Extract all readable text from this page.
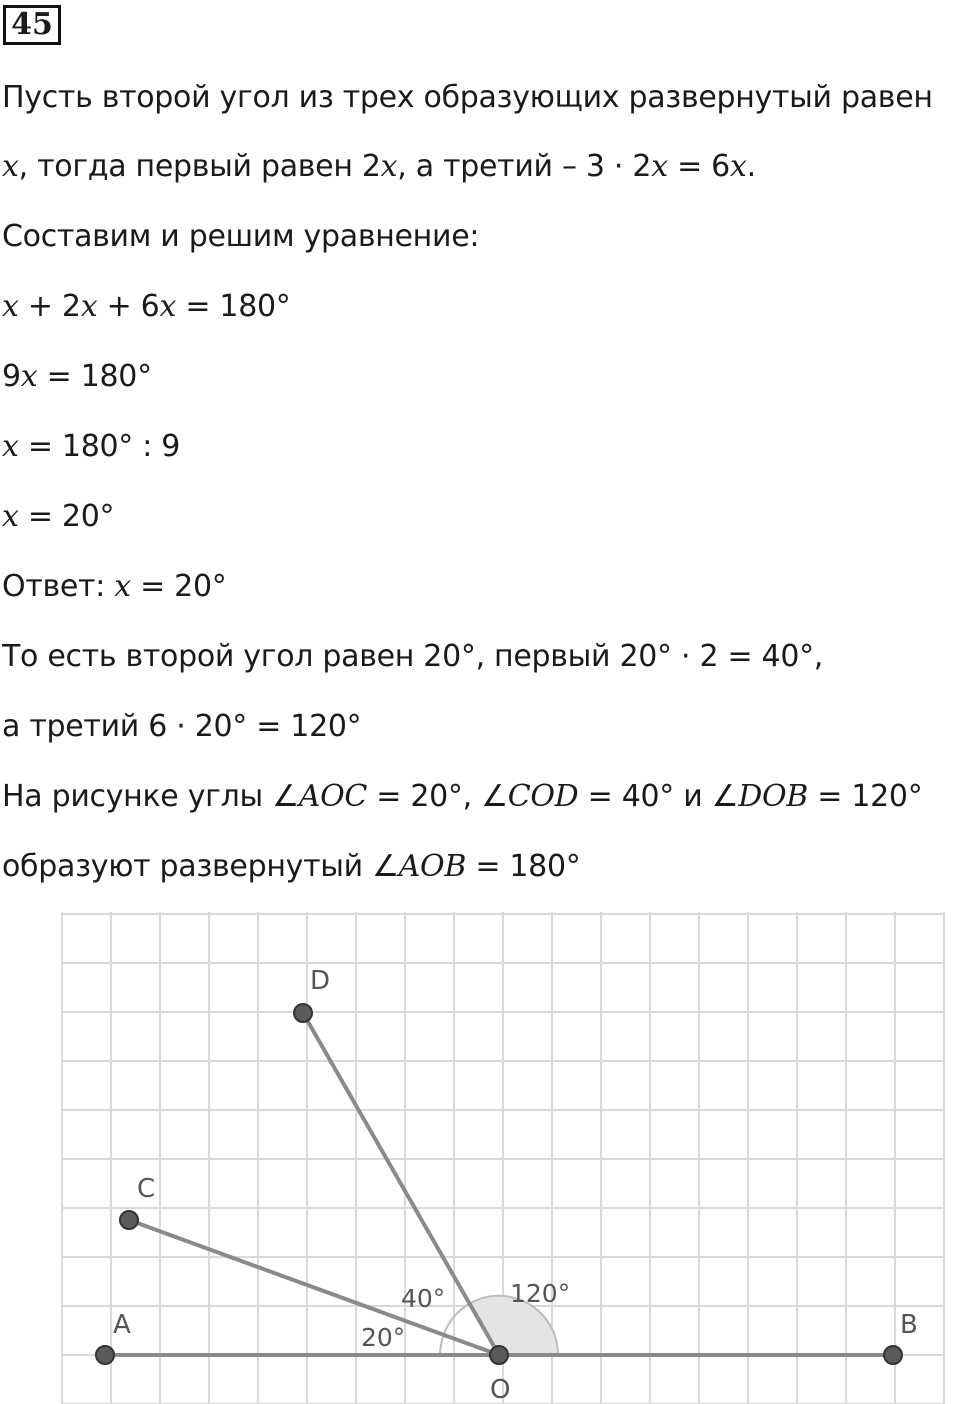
45
Пусть второй угол из трех образующих развернутый равен
x, тогда первый равен 2x, а третий – 3 · 2x = 6x.
Составим и решим уравнение:
x + 2x + 6x = 180°
9x = 180°
x = 180° : 9
x = 20°
Ответ: x = 20°
То есть второй угол равен 20°, первый 20° · 2 = 40°,
а третий 6 · 20° = 120°
На рисунке углы ∠AOC = 20°, ∠COD = 40° и ∠DOB = 120°
образуют развернутый ∠AOB = 180°
A	B
C
D
O
20°
40°	120°
